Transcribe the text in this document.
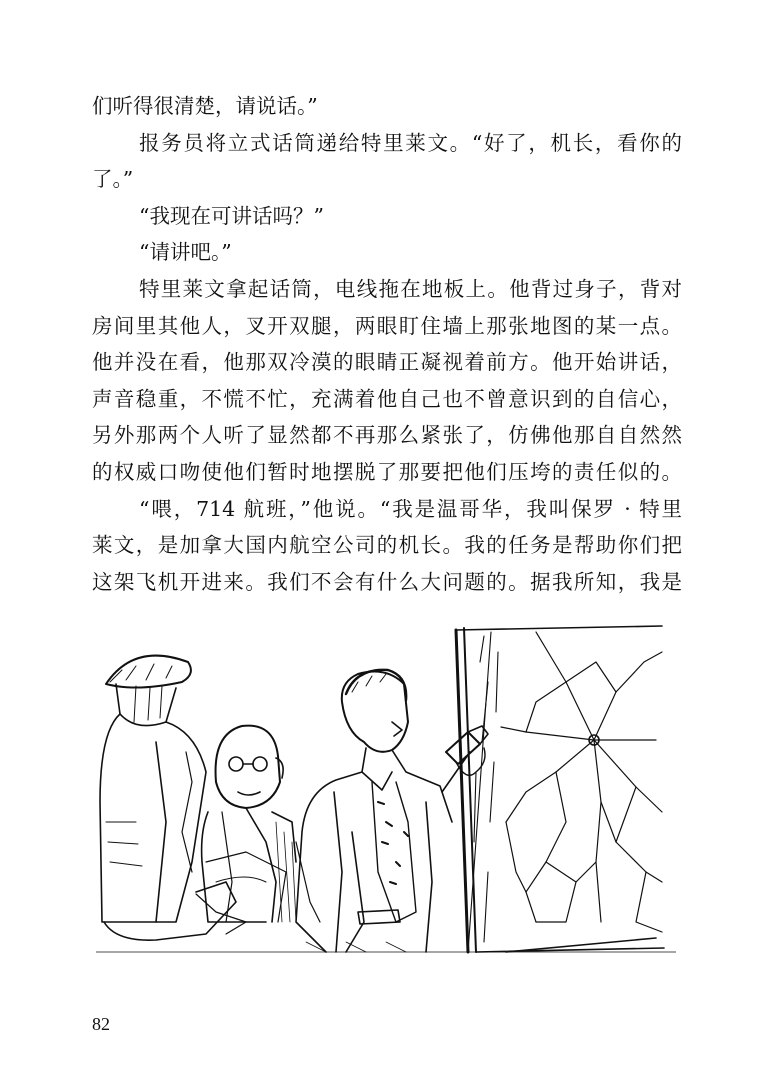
们听得很清楚，请说话。”
报务员将立式话筒递给特里莱文。“好了，机长，看你的
了。”
“我现在可讲话吗？”
“请讲吧。”
特里莱文拿起话筒，电线拖在地板上。他背过身子，背对
房间里其他人，叉开双腿，两眼盯住墙上那张地图的某一点。
他并没在看，他那双冷漠的眼睛正凝视着前方。他开始讲话，
声音稳重，不慌不忙，充满着他自己也不曾意识到的自信心，
另外那两个人听了显然都不再那么紧张了，仿佛他那自自然然
的权威口吻使他们暂时地摆脱了那要把他们压垮的责任似的。
“喂，714 航班，”他说。“我是温哥华，我叫保罗 · 特里
莱文，是加拿大国内航空公司的机长。我的任务是帮助你们把
这架飞机开进来。我们不会有什么大问题的。据我所知，我是
82
